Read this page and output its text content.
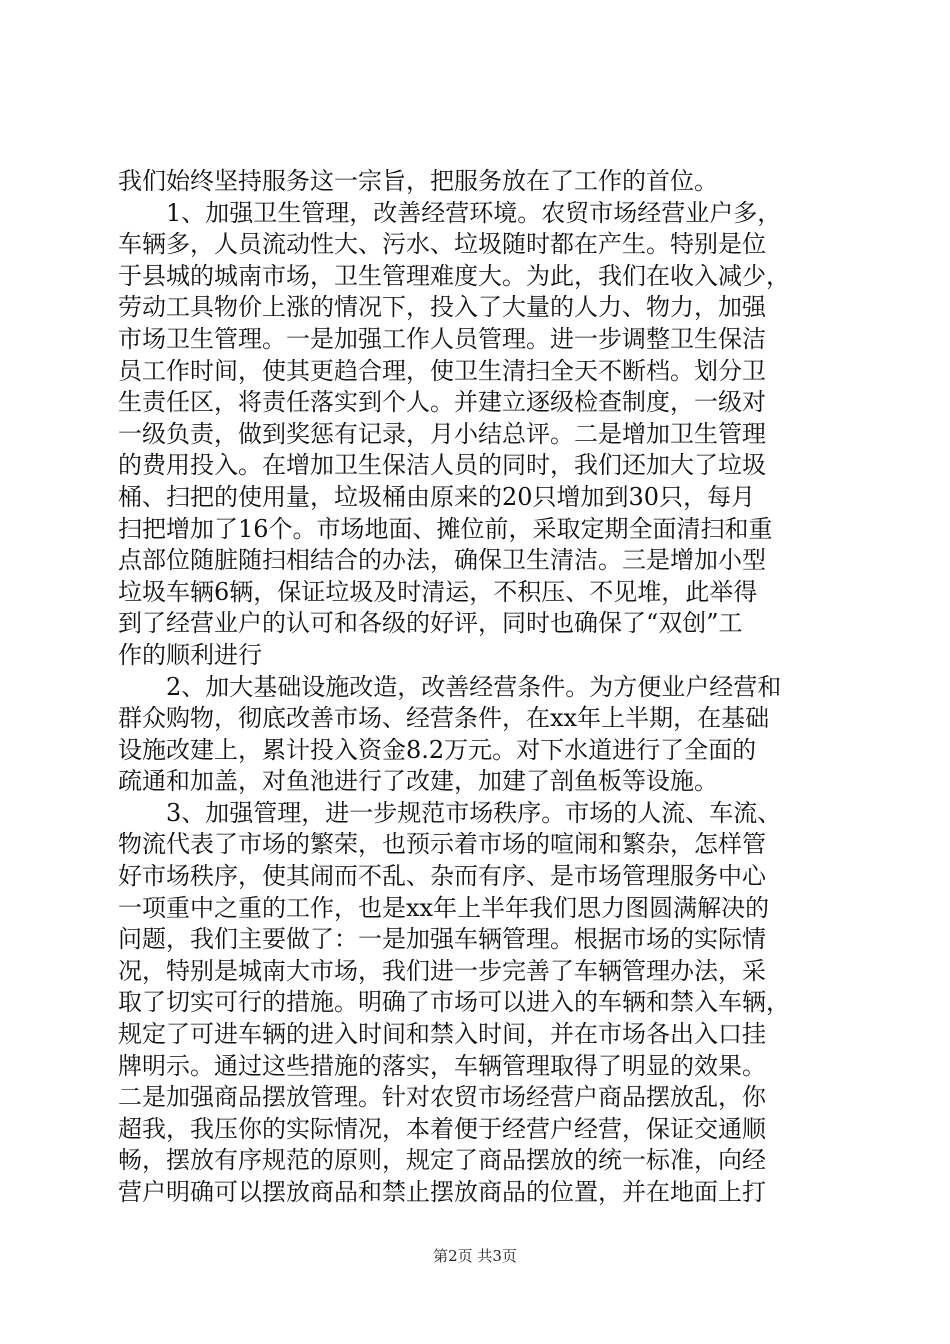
我们始终坚持服务这一宗旨，把服务放在了工作的首位。
　　1、加强卫生管理，改善经营环境。农贸市场经营业户多，
车辆多，人员流动性大、污水、垃圾随时都在产生。特别是位
于县城的城南市场，卫生管理难度大。为此，我们在收入减少，
劳动工具物价上涨的情况下，投入了大量的人力、物力，加强
市场卫生管理。一是加强工作人员管理。进一步调整卫生保洁
员工作时间，使其更趋合理，使卫生清扫全天不断档。划分卫
生责任区，将责任落实到个人。并建立逐级检查制度，一级对
一级负责，做到奖惩有记录，月小结总评。二是增加卫生管理
的费用投入。在增加卫生保洁人员的同时，我们还加大了垃圾
桶、扫把的使用量，垃圾桶由原来的20只增加到30只，每月
扫把增加了16个。市场地面、摊位前，采取定期全面清扫和重
点部位随脏随扫相结合的办法，确保卫生清洁。三是增加小型
垃圾车辆6辆，保证垃圾及时清运，不积压、不见堆，此举得
到了经营业户的认可和各级的好评，同时也确保了“双创”工
作的顺利进行
　　2、加大基础设施改造，改善经营条件。为方便业户经营和
群众购物，彻底改善市场、经营条件，在xx年上半期，在基础
设施改建上，累计投入资金8.2万元。对下水道进行了全面的
疏通和加盖，对鱼池进行了改建，加建了剖鱼板等设施。
　　3、加强管理，进一步规范市场秩序。市场的人流、车流、
物流代表了市场的繁荣，也预示着市场的喧闹和繁杂，怎样管
好市场秩序，使其闹而不乱、杂而有序、是市场管理服务中心
一项重中之重的工作，也是xx年上半年我们思力图圆满解决的
问题，我们主要做了：一是加强车辆管理。根据市场的实际情
况，特别是城南大市场，我们进一步完善了车辆管理办法，采
取了切实可行的措施。明确了市场可以进入的车辆和禁入车辆，
规定了可进车辆的进入时间和禁入时间，并在市场各出入口挂
牌明示。通过这些措施的落实，车辆管理取得了明显的效果。
二是加强商品摆放管理。针对农贸市场经营户商品摆放乱，你
超我，我压你的实际情况，本着便于经营户经营，保证交通顺
畅，摆放有序规范的原则，规定了商品摆放的统一标准，向经
营户明确可以摆放商品和禁止摆放商品的位置，并在地面上打
第2页 共3页
